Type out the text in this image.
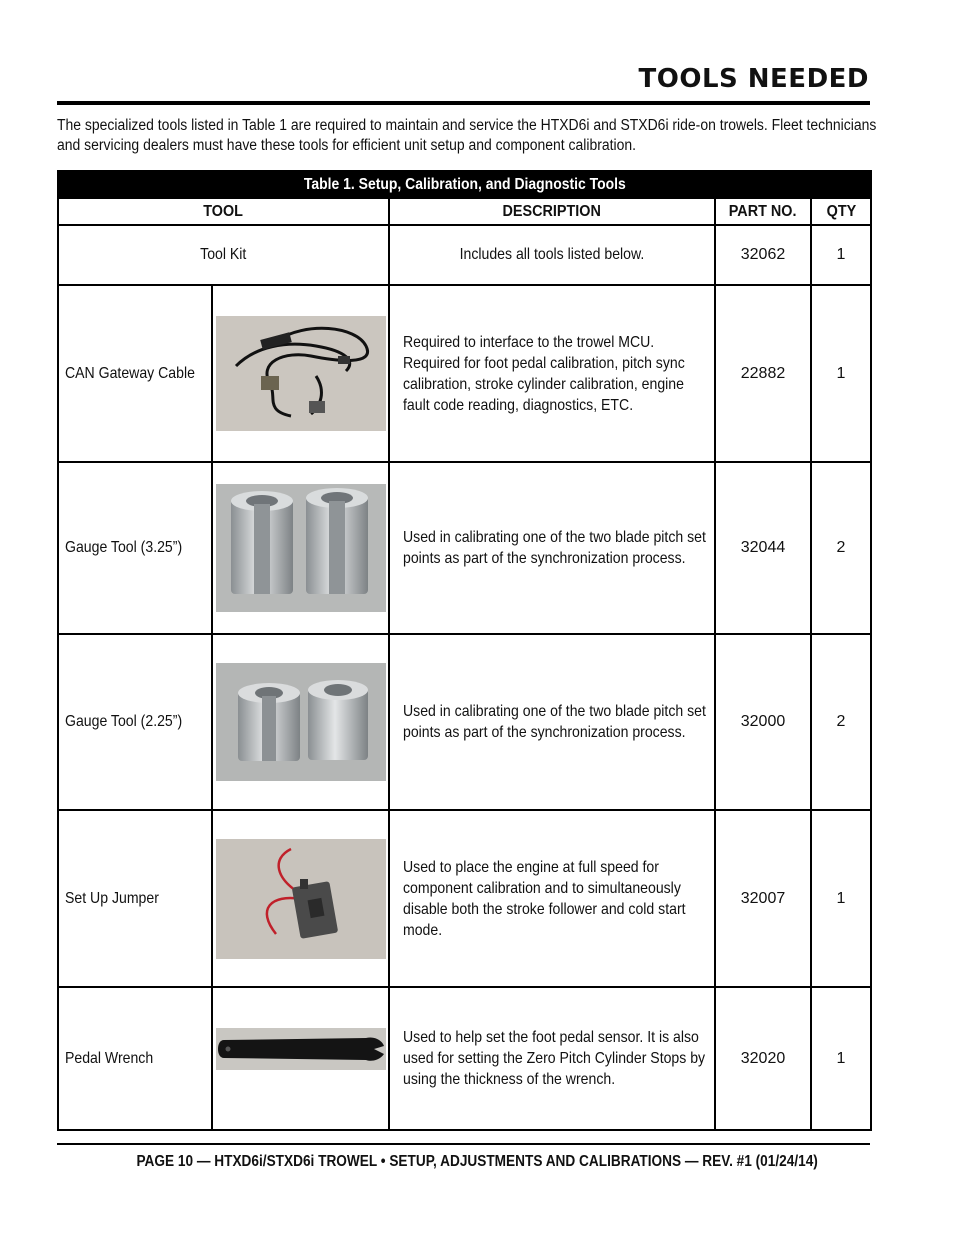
TOOLS NEEDED
The specialized tools listed in Table 1 are required to maintain and service the HTXD6i and STXD6i ride-on trowels. Fleet technicians and servicing dealers must have these tools for efficient unit setup and component calibration.
Table 1. Setup, Calibration, and Diagnostic Tools				
TOOL		DESCRIPTION	PART NO.	QTY
Tool Kit		Includes all tools listed below.	32062	1

CAN Gateway Cable		Required to interface to the trowel MCU. Required for foot pedal calibration, pitch sync calibration, stroke cylinder calibration, engine fault code reading, diagnostics, ETC.	22882	1

Gauge Tool (3.25”)		Used in calibrating one of the two blade pitch set points as part of the synchronization process.	32044	2

Gauge Tool (2.25”)		Used in calibrating one of the two blade pitch set points as part of the synchronization process.	32000	2

Set Up Jumper		Used to place the engine at full speed for component calibration and to simultaneously disable both the stroke follower and cold start mode.	32007	1

Pedal Wrench		Used to help set the foot pedal sensor. It is also used for setting the Zero Pitch Cylinder Stops by using the thickness of the wrench.	32020	1
PAGE 10 — HTXD6i/STXD6i TROWEL • SETUP, ADJUSTMENTS AND CALIBRATIONS — REV. #1 (01/24/14)
